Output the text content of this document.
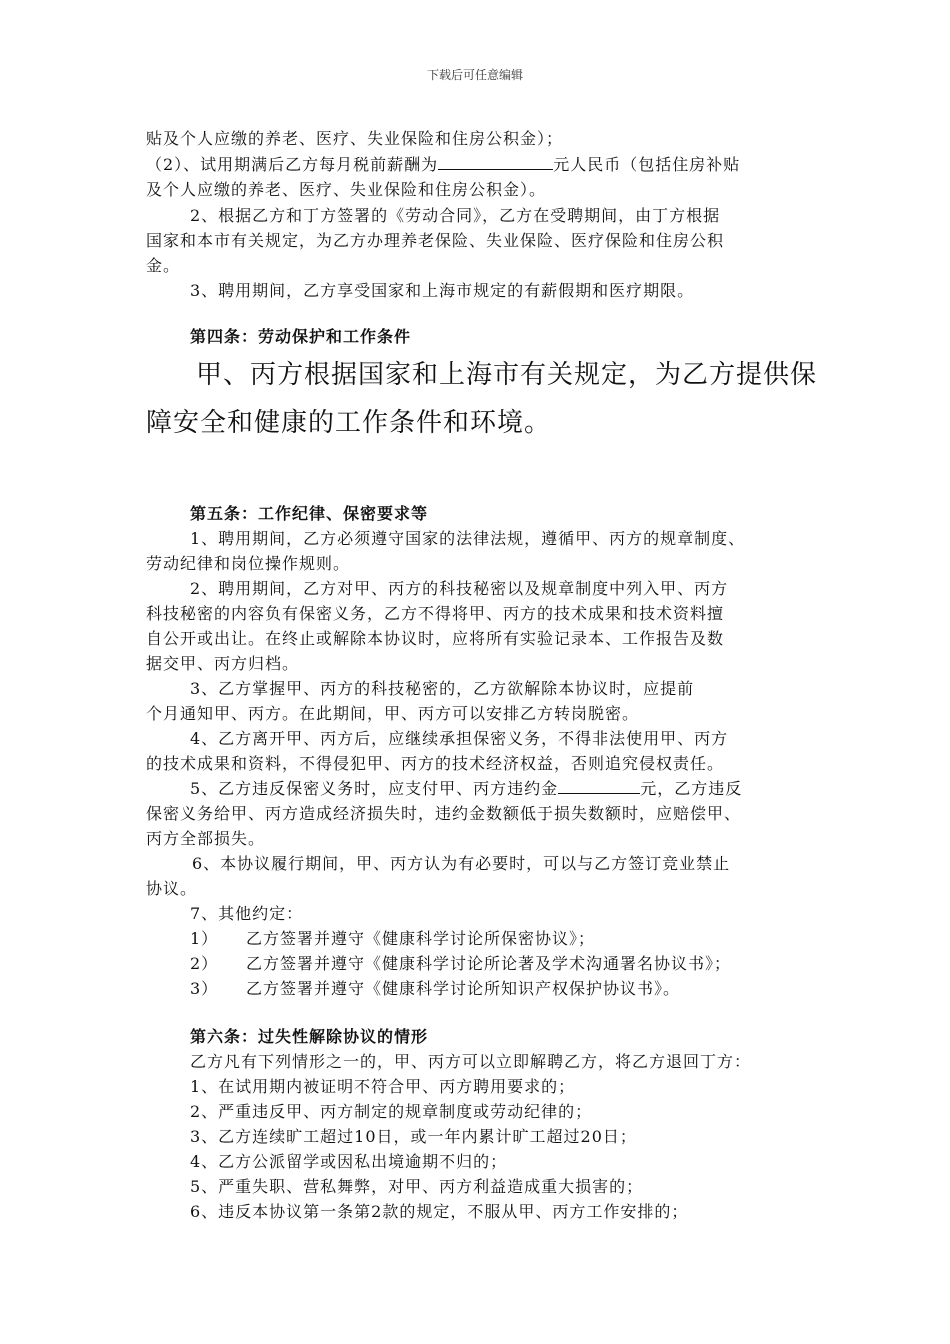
下载后可任意编辑
贴及个人应缴的养老、医疗、失业保险和住房公积金）；
（2）、试用期满后乙方每月税前薪酬为	元人民币（包括住房补贴
及个人应缴的养老、医疗、失业保险和住房公积金）。
2、根据乙方和丁方签署的《劳动合同》，乙方在受聘期间，由丁方根据
国家和本市有关规定，为乙方办理养老保险、失业保险、医疗保险和住房公积
金。
3、聘用期间，乙方享受国家和上海市规定的有薪假期和医疗期限。
第四条：劳动保护和工作条件
甲、丙方根据国家和上海市有关规定，为乙方提供保
障安全和健康的工作条件和环境。
第五条：工作纪律、保密要求等
1、聘用期间，乙方必须遵守国家的法律法规，遵循甲、丙方的规章制度、
劳动纪律和岗位操作规则。
2、聘用期间，乙方对甲、丙方的科技秘密以及规章制度中列入甲、丙方
科技秘密的内容负有保密义务，乙方不得将甲、丙方的技术成果和技术资料擅
自公开或出让。在终止或解除本协议时，应将所有实验记录本、工作报告及数
据交甲、丙方归档。
3、乙方掌握甲、丙方的科技秘密的，乙方欲解除本协议时，应提前
个月通知甲、丙方。在此期间，甲、丙方可以安排乙方转岗脱密。
4、乙方离开甲、丙方后，应继续承担保密义务，不得非法使用甲、丙方
的技术成果和资料，不得侵犯甲、丙方的技术经济权益，否则追究侵权责任。
5、乙方违反保密义务时，应支付甲、丙方违约金	元，乙方违反
保密义务给甲、丙方造成经济损失时，违约金数额低于损失数额时，应赔偿甲、
丙方全部损失。
6、本协议履行期间，甲、丙方认为有必要时，可以与乙方签订竞业禁止
协议。
7、其他约定：
1） 乙方签署并遵守《健康科学讨论所保密协议》；
2） 乙方签署并遵守《健康科学讨论所论著及学术沟通署名协议书》；
3） 乙方签署并遵守《健康科学讨论所知识产权保护协议书》。
第六条：过失性解除协议的情形
乙方凡有下列情形之一的，甲、丙方可以立即解聘乙方，将乙方退回丁方：
1、在试用期内被证明不符合甲、丙方聘用要求的；
2、严重违反甲、丙方制定的规章制度或劳动纪律的；
3、乙方连续旷工超过10日，或一年内累计旷工超过20日；
4、乙方公派留学或因私出境逾期不归的；
5、严重失职、营私舞弊，对甲、丙方利益造成重大损害的；
6、违反本协议第一条第2款的规定，不服从甲、丙方工作安排的；
